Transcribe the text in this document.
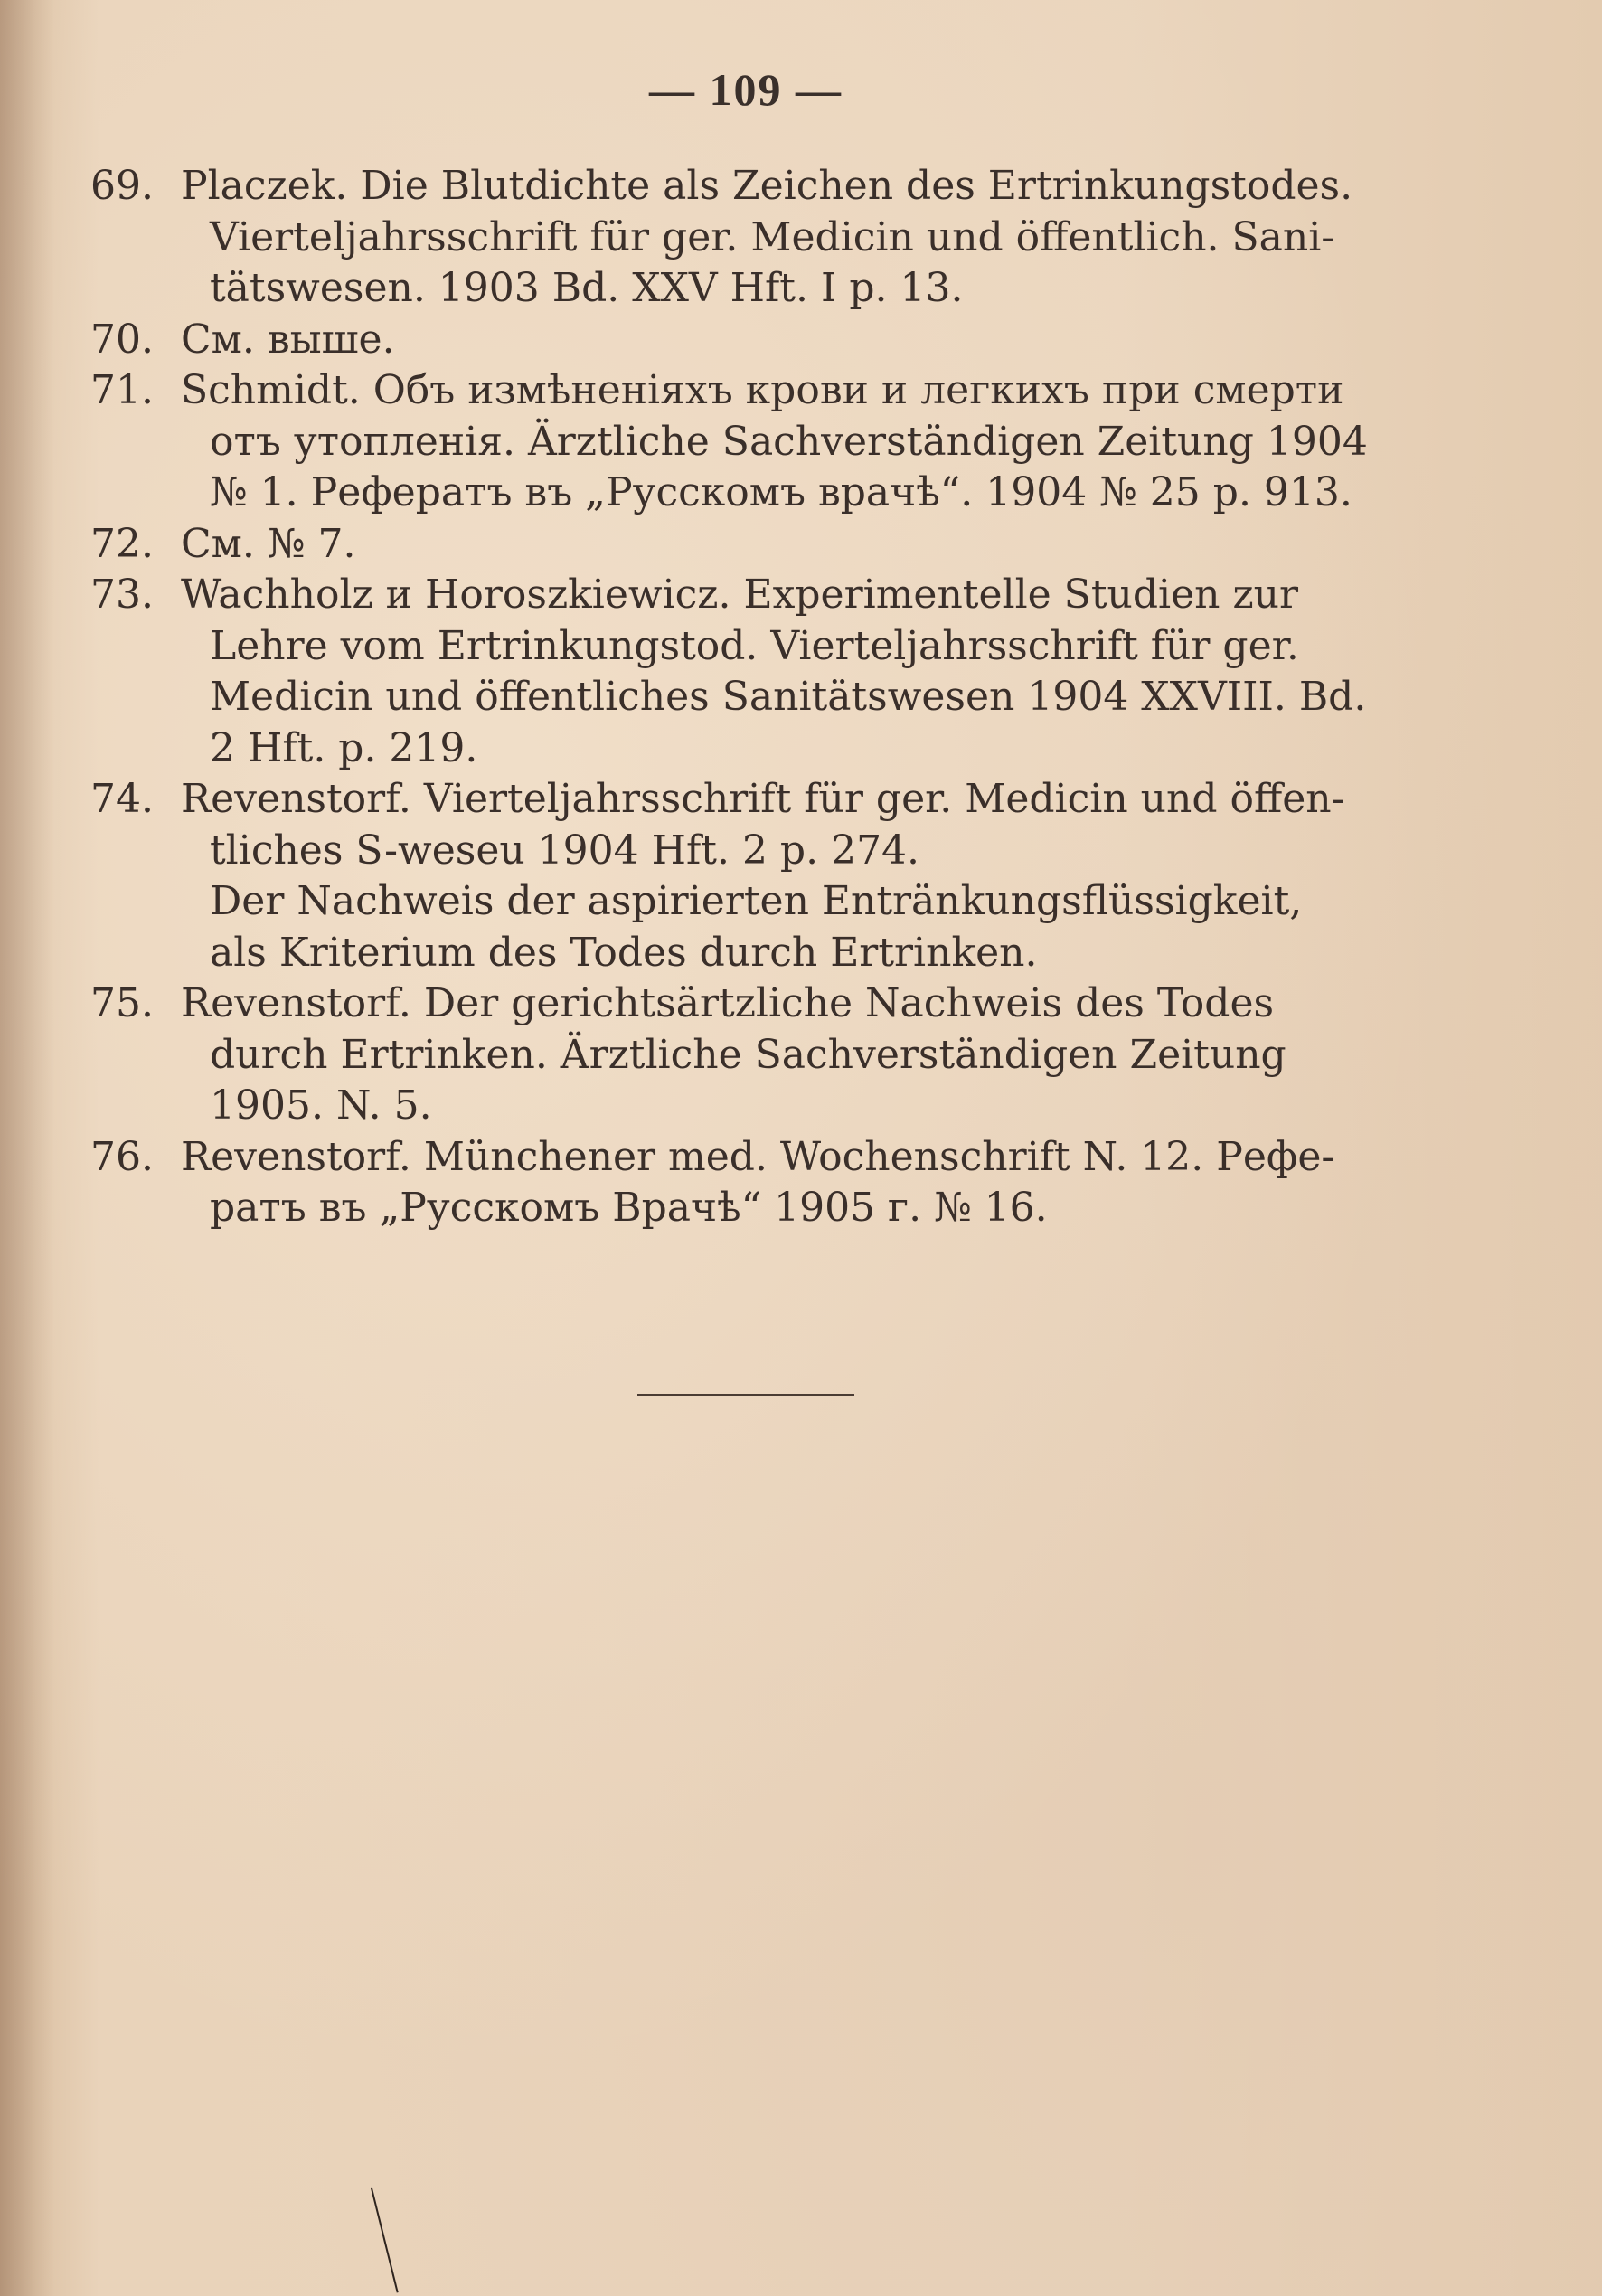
— 109 —
69. Placzek. Die Blutdichte als Zeichen des Ertrinkungstodes.
Vierteljahrsschrift für ger. Medicin und öffentlich. Sani-
tätswesen. 1903 Bd. XXV Hft. I p. 13.
70. См. выше.
71. Schmidt. Объ измѣненiяхъ крови и легкихъ при смерти
отъ утопленiя. Ärztliche Sachverständigen Zeitung 1904
№ 1. Рефератъ въ „Русскомъ врачѣ“. 1904 № 25 p. 913.
72. См. № 7.
73. Wachholz и Horoszkiewicz. Experimentelle Studien zur
Lehre vom Ertrinkungstod. Vierteljahrsschrift für ger.
Medicin und öffentliches Sanitätswesen 1904 XXVIII. Bd.
2 Hft. p. 219.
74. Revenstorf. Vierteljahrsschrift für ger. Medicin und öffen-
tliches S-weseu 1904 Hft. 2 p. 274.
Der Nachweis der aspirierten Entränkungsflüssigkeit,
als Kriterium des Todes durch Ertrinken.
75. Revenstorf. Der gerichtsärtzliche Nachweis des Todes
durch Ertrinken. Ärztliche Sachverständigen Zeitung
1905. N. 5.
76. Revenstorf. Münchener med. Wochenschrift N. 12. Рефе-
ратъ въ „Русскомъ Врачѣ“ 1905 г. № 16.
